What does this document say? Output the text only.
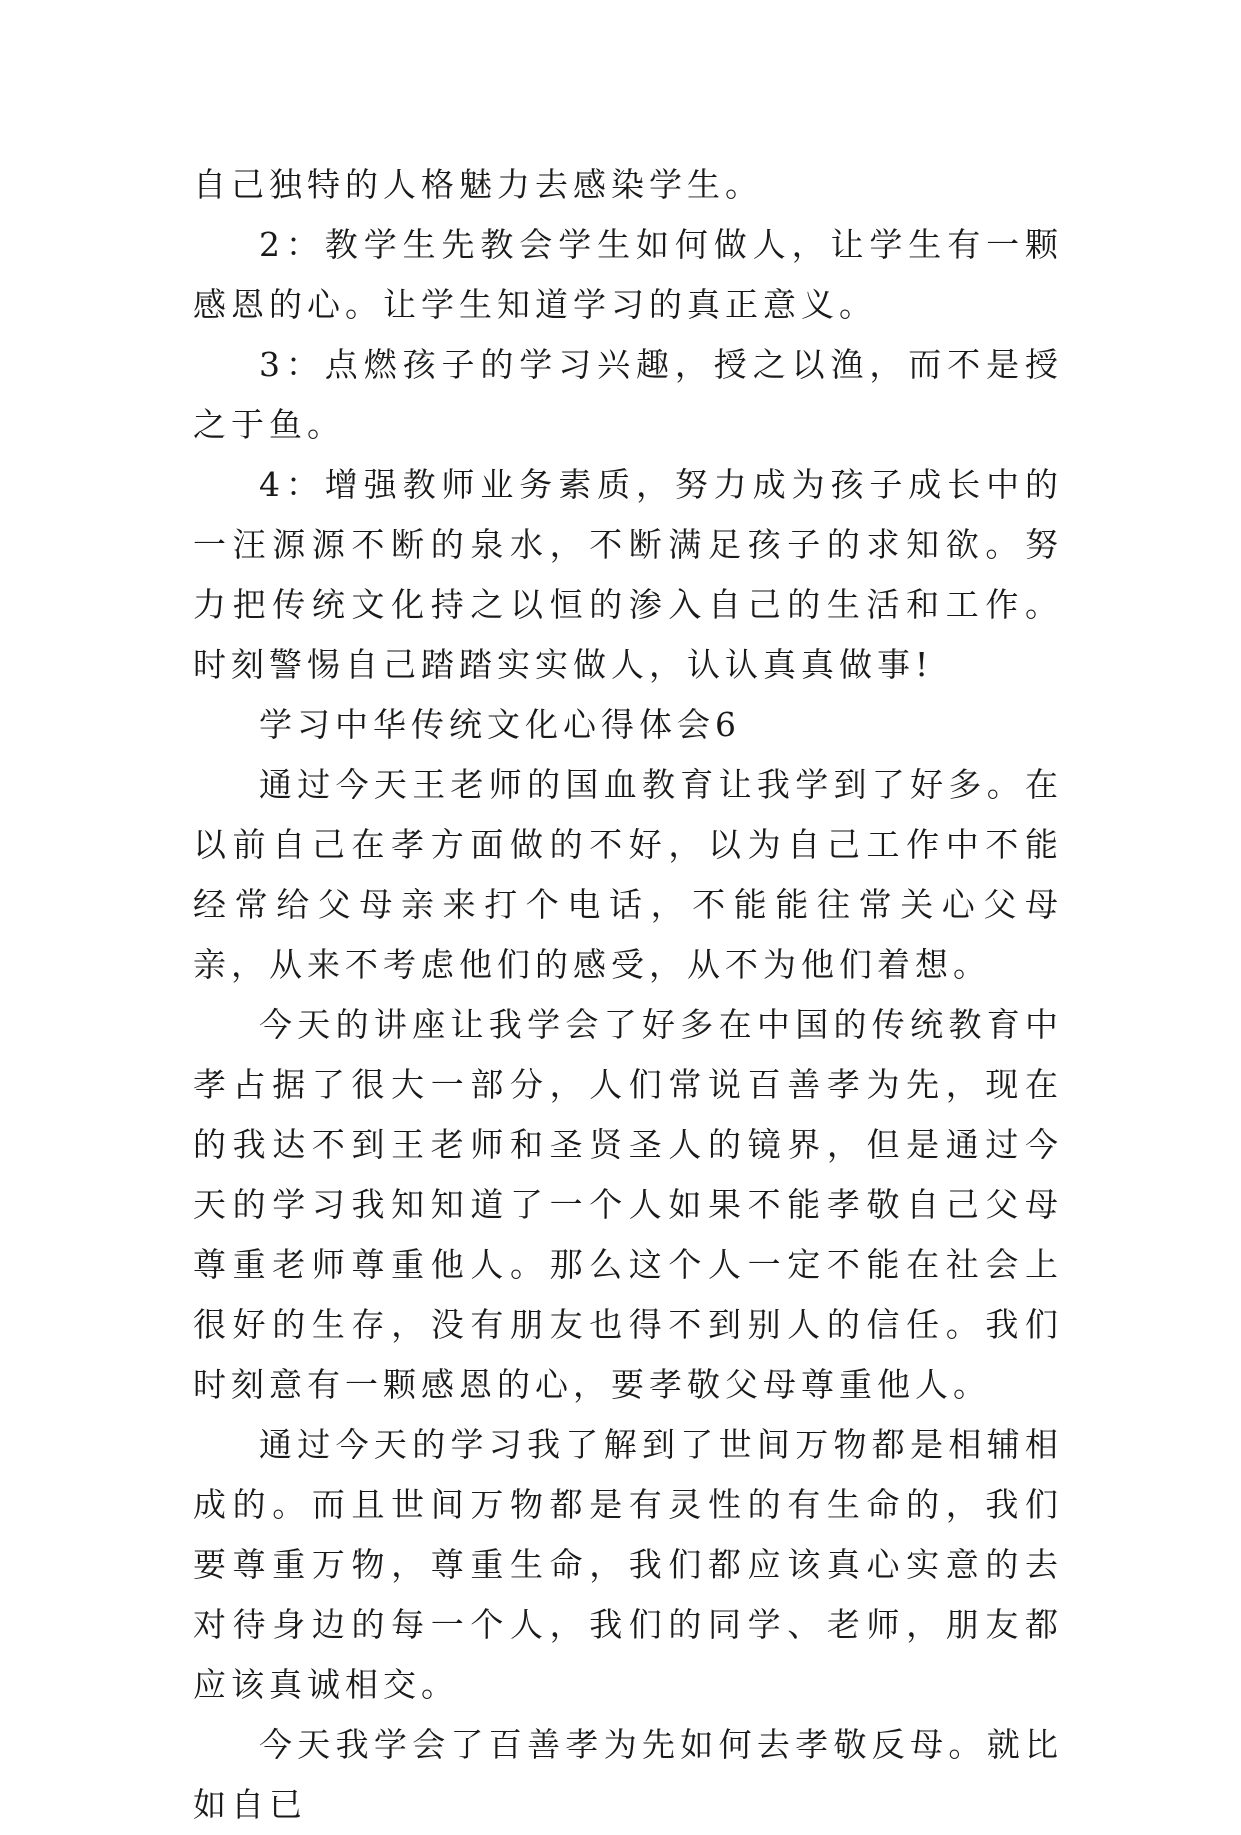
自己独特的人格魅力去感染学生。

2：教学生先教会学生如何做人，让学生有一颗感恩的心。让学生知道学习的真正意义。

3：点燃孩子的学习兴趣，授之以渔，而不是授之于鱼。

4：增强教师业务素质，努力成为孩子成长中的一汪源源不断的泉水，不断满足孩子的求知欲。努力把传统文化持之以恒的渗入自己的生活和工作。时刻警惕自己踏踏实实做人，认认真真做事!

学习中华传统文化心得体会6

通过今天王老师的国血教育让我学到了好多。在以前自己在孝方面做的不好，以为自己工作中不能经常给父母亲来打个电话，不能能往常关心父母亲，从来不考虑他们的感受，从不为他们着想。

今天的讲座让我学会了好多在中国的传统教育中孝占据了很大一部分，人们常说百善孝为先，现在的我达不到王老师和圣贤圣人的镜界，但是通过今天的学习我知知道了一个人如果不能孝敬自己父母尊重老师尊重他人。那么这个人一定不能在社会上很好的生存，没有朋友也得不到别人的信任。我们时刻意有一颗感恩的心，要孝敬父母尊重他人。

通过今天的学习我了解到了世间万物都是相辅相成的。而且世间万物都是有灵性的有生命的，我们要尊重万物，尊重生命，我们都应该真心实意的去对待身边的每一个人，我们的同学、老师，朋友都应该真诚相交。

今天我学会了百善孝为先如何去孝敬反母。就比如自已
